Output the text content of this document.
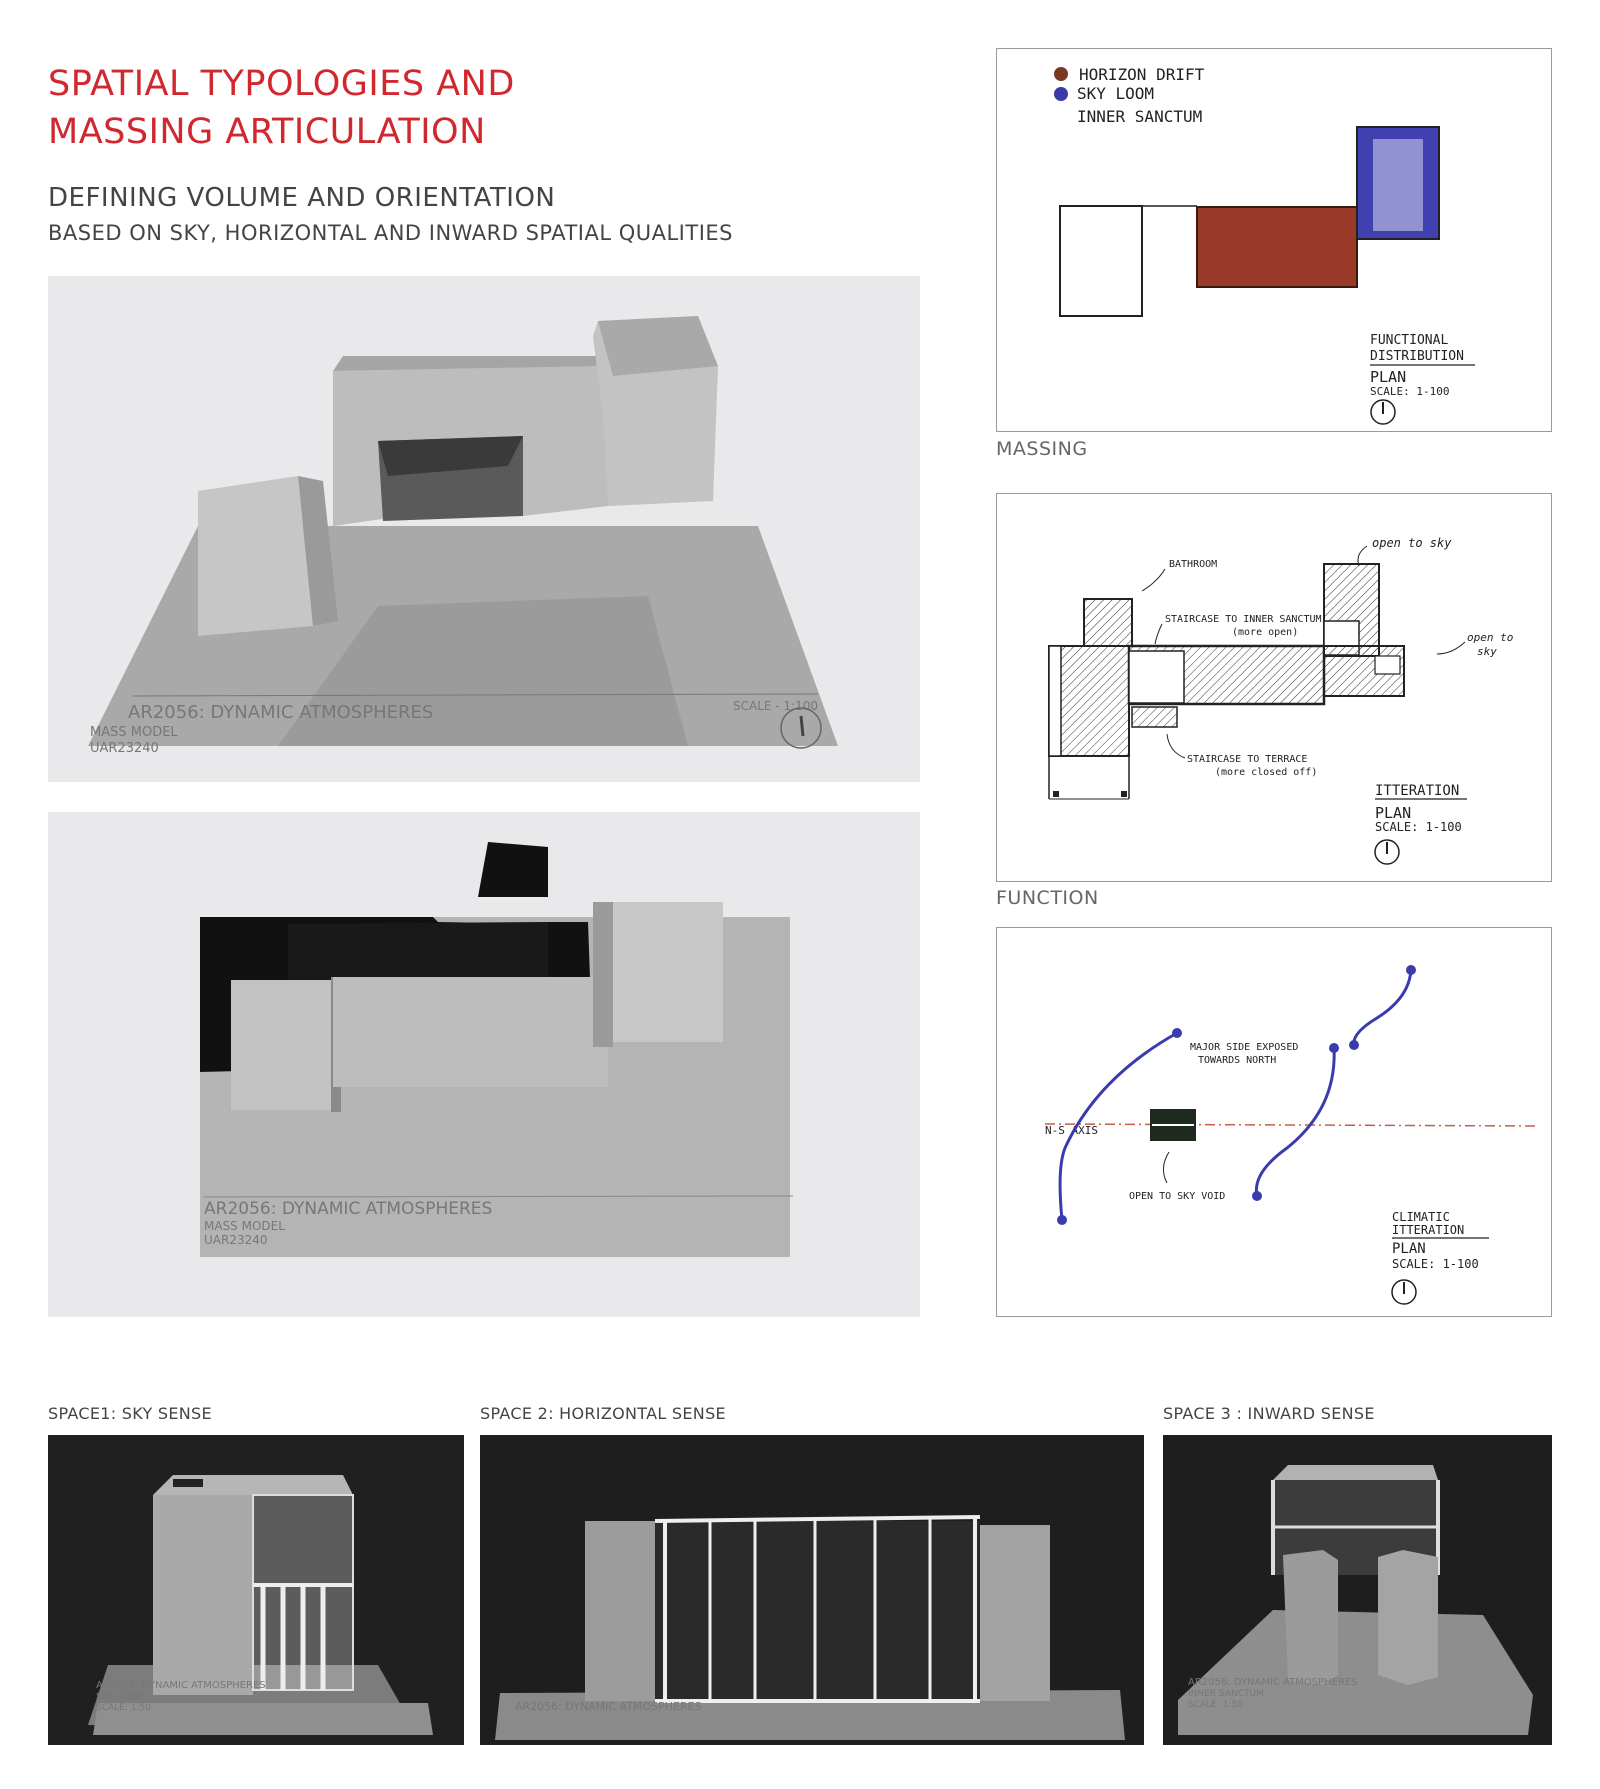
SPATIAL TYPOLOGIES AND
MASSING ARTICULATION
DEFINING VOLUME AND ORIENTATION
BASED ON SKY, HORIZONTAL AND INWARD SPATIAL QUALITIES
AR2056: DYNAMIC ATMOSPHERES
MASS MODEL
UAR23240
SCALE - 1:100
AR2056: DYNAMIC ATMOSPHERES
MASS MODEL
UAR23240
HORIZON DRIFT
SKY LOOM
INNER SANCTUM
FUNCTIONAL
DISTRIBUTION
PLAN
SCALE: 1-100
MASSING
BATHROOM
STAIRCASE TO INNER SANCTUM
(more open)
STAIRCASE TO TERRACE
(more closed off)
open to sky
open to
sky
ITTERATION
PLAN
SCALE: 1-100
FUNCTION
N-S AXIS
MAJOR SIDE EXPOSED
TOWARDS NORTH
OPEN TO SKY VOID
CLIMATIC
ITTERATION
PLAN
SCALE: 1-100
SPACE1: SKY SENSE	SPACE 2: HORIZONTAL SENSE	SPACE 3 : INWARD SENSE
AR2056: DYNAMIC ATMOSPHERES
SKY LOOM
SCALE: 1:50	AR2056: DYNAMIC ATMOSPHERES
AR2056: DYNAMIC ATMOSPHERES
INNER SANCTUM
SCALE: 1:50
